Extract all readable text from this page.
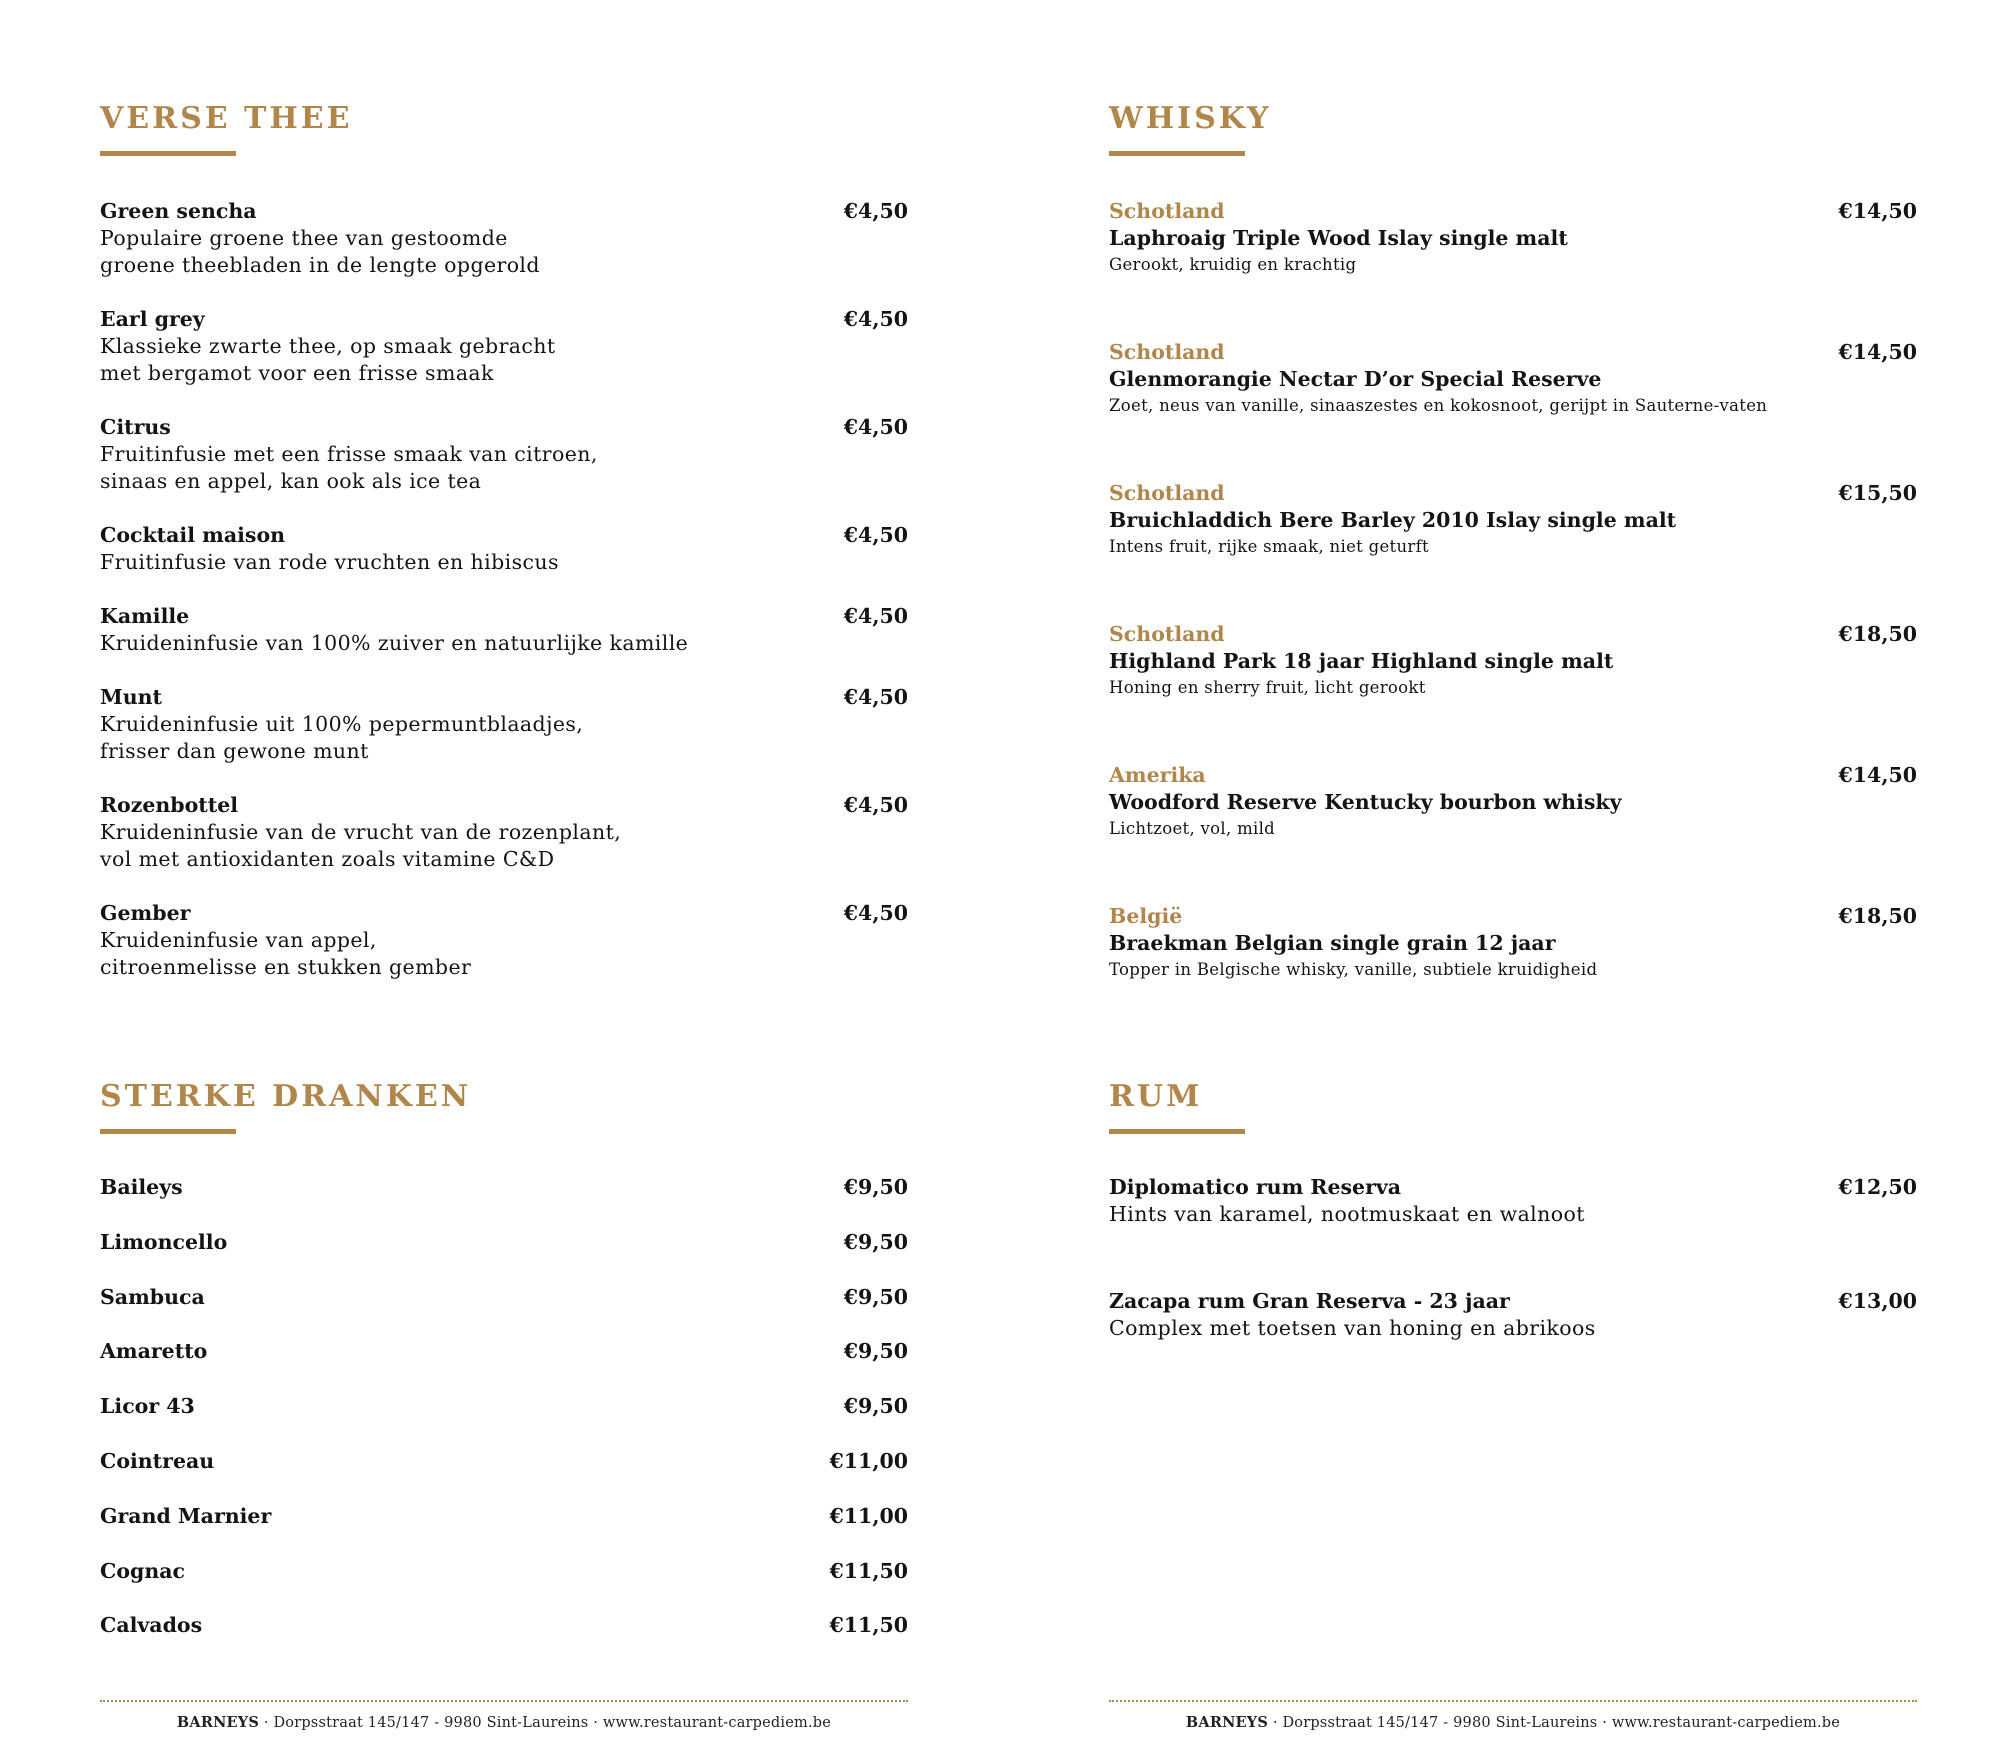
VERSE THEE
Green sencha	€4,50
Populaire groene thee van gestoomde
groene theebladen in de lengte opgerold
Earl grey	€4,50
Klassieke zwarte thee, op smaak gebracht
met bergamot voor een frisse smaak
Citrus	€4,50
Fruitinfusie met een frisse smaak van citroen,
sinaas en appel, kan ook als ice tea
Cocktail maison	€4,50
Fruitinfusie van rode vruchten en hibiscus
Kamille	€4,50
Kruideninfusie van 100% zuiver en natuurlijke kamille
Munt	€4,50
Kruideninfusie uit 100% pepermuntblaadjes,
frisser dan gewone munt
Rozenbottel	€4,50
Kruideninfusie van de vrucht van de rozenplant,
vol met antioxidanten zoals vitamine C&D
Gember	€4,50
Kruideninfusie van appel,
citroenmelisse en stukken gember
WHISKY
Schotland
Laphroaig Triple Wood Islay single malt
€14,50
Gerookt, kruidig en krachtig
Schotland
Glenmorangie Nectar D’or Special Reserve
€14,50
Zoet, neus van vanille, sinaaszestes en kokosnoot, gerijpt in Sauterne-vaten
Schotland
Bruichladdich Bere Barley 2010 Islay single malt
€15,50
Intens fruit, rijke smaak, niet geturft
Schotland
Highland Park 18 jaar Highland single malt
€18,50
Honing en sherry fruit, licht gerookt
Amerika
Woodford Reserve Kentucky bourbon whisky
€14,50
Lichtzoet, vol, mild
België
Braekman Belgian single grain 12 jaar
€18,50
Topper in Belgische whisky, vanille, subtiele kruidigheid
STERKE DRANKEN
Baileys	€9,50
Limoncello	€9,50
Sambuca	€9,50
Amaretto	€9,50
Licor 43	€9,50
Cointreau	€11,00
Grand Marnier	€11,00
Cognac	€11,50
Calvados	€11,50
RUM
Diplomatico rum Reserva	€12,50
Hints van karamel, nootmuskaat en walnoot
Zacapa rum Gran Reserva - 23 jaar	€13,00
Complex met toetsen van honing en abrikoos
BARNEYS · Dorpsstraat 145/147 - 9980 Sint-Laureins · www.restaurant-carpediem.be	BARNEYS · Dorpsstraat 145/147 - 9980 Sint-Laureins · www.restaurant-carpediem.be
